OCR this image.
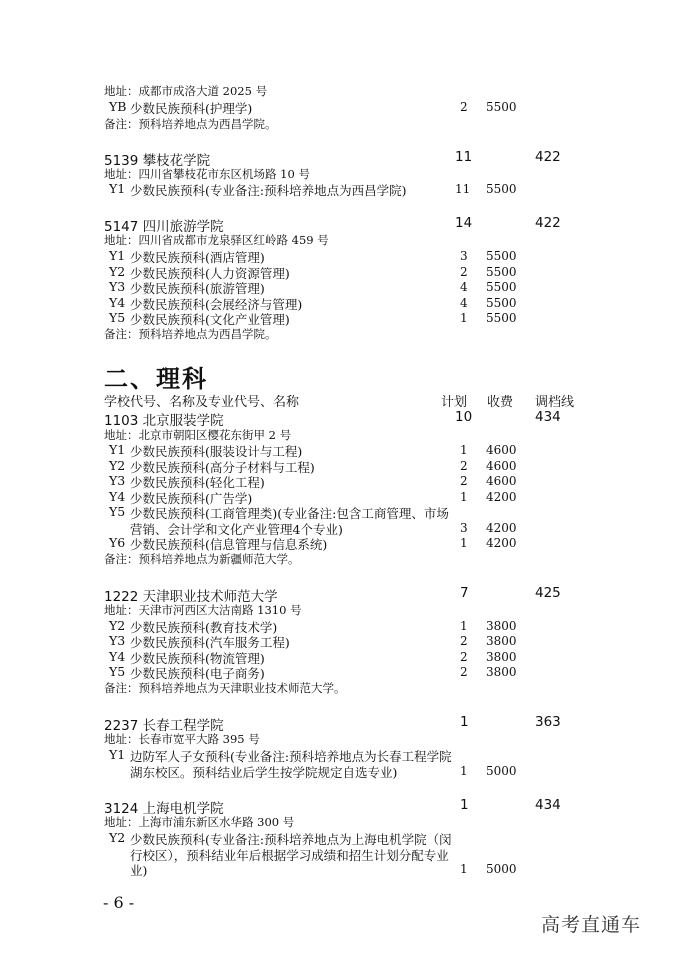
地址：成都市成洛大道 2025 号
YB 少数民族预科(护理学)	2 5500
备注：预科培养地点为西昌学院。
5139 攀枝花学院	11	422
地址：四川省攀枝花市东区机场路 10 号
Y1 少数民族预科(专业备注:预科培养地点为西昌学院)	11 5500
5147 四川旅游学院	14	422
地址：四川省成都市龙泉驿区红岭路 459 号
Y1 少数民族预科(酒店管理)	3 5500
Y2 少数民族预科(人力资源管理)	2 5500
Y3 少数民族预科(旅游管理)	4 5500
Y4 少数民族预科(会展经济与管理)	4 5500
Y5 少数民族预科(文化产业管理)	1 5500
备注：预科培养地点为西昌学院。
二、理科
学校代号、名称及专业代号、名称	计划 收费 调档线
1103 北京服装学院	10	434
地址：北京市朝阳区樱花东街甲 2 号
Y1 少数民族预科(服装设计与工程)	1 4600
Y2 少数民族预科(高分子材料与工程)	2 4600
Y3 少数民族预科(轻化工程)	2 4600
Y4 少数民族预科(广告学)	1 4200
Y5 少数民族预科(工商管理类)(专业备注:包含工商管理、市场
营销、会计学和文化产业管理4个专业)	3 4200
Y6 少数民族预科(信息管理与信息系统)	1 4200
备注：预科培养地点为新疆师范大学。
1222 天津职业技术师范大学	7	425
地址：天津市河西区大沽南路 1310 号
Y2 少数民族预科(教育技术学)	1 3800
Y3 少数民族预科(汽车服务工程)	2 3800
Y4 少数民族预科(物流管理)	2 3800
Y5 少数民族预科(电子商务)	2 3800
备注：预科培养地点为天津职业技术师范大学。
2237 长春工程学院	1	363
地址：长春市宽平大路 395 号
Y1 边防军人子女预科(专业备注:预科培养地点为长春工程学院
湖东校区。预科结业后学生按学院规定自选专业)	1 5000
3124 上海电机学院	1	434
地址：上海市浦东新区水华路 300 号
Y2 少数民族预科(专业备注:预科培养地点为上海电机学院（闵
行校区），预科结业年后根据学习成绩和招生计划分配专业
业)	1 5000
- 6 -
高考直通车
